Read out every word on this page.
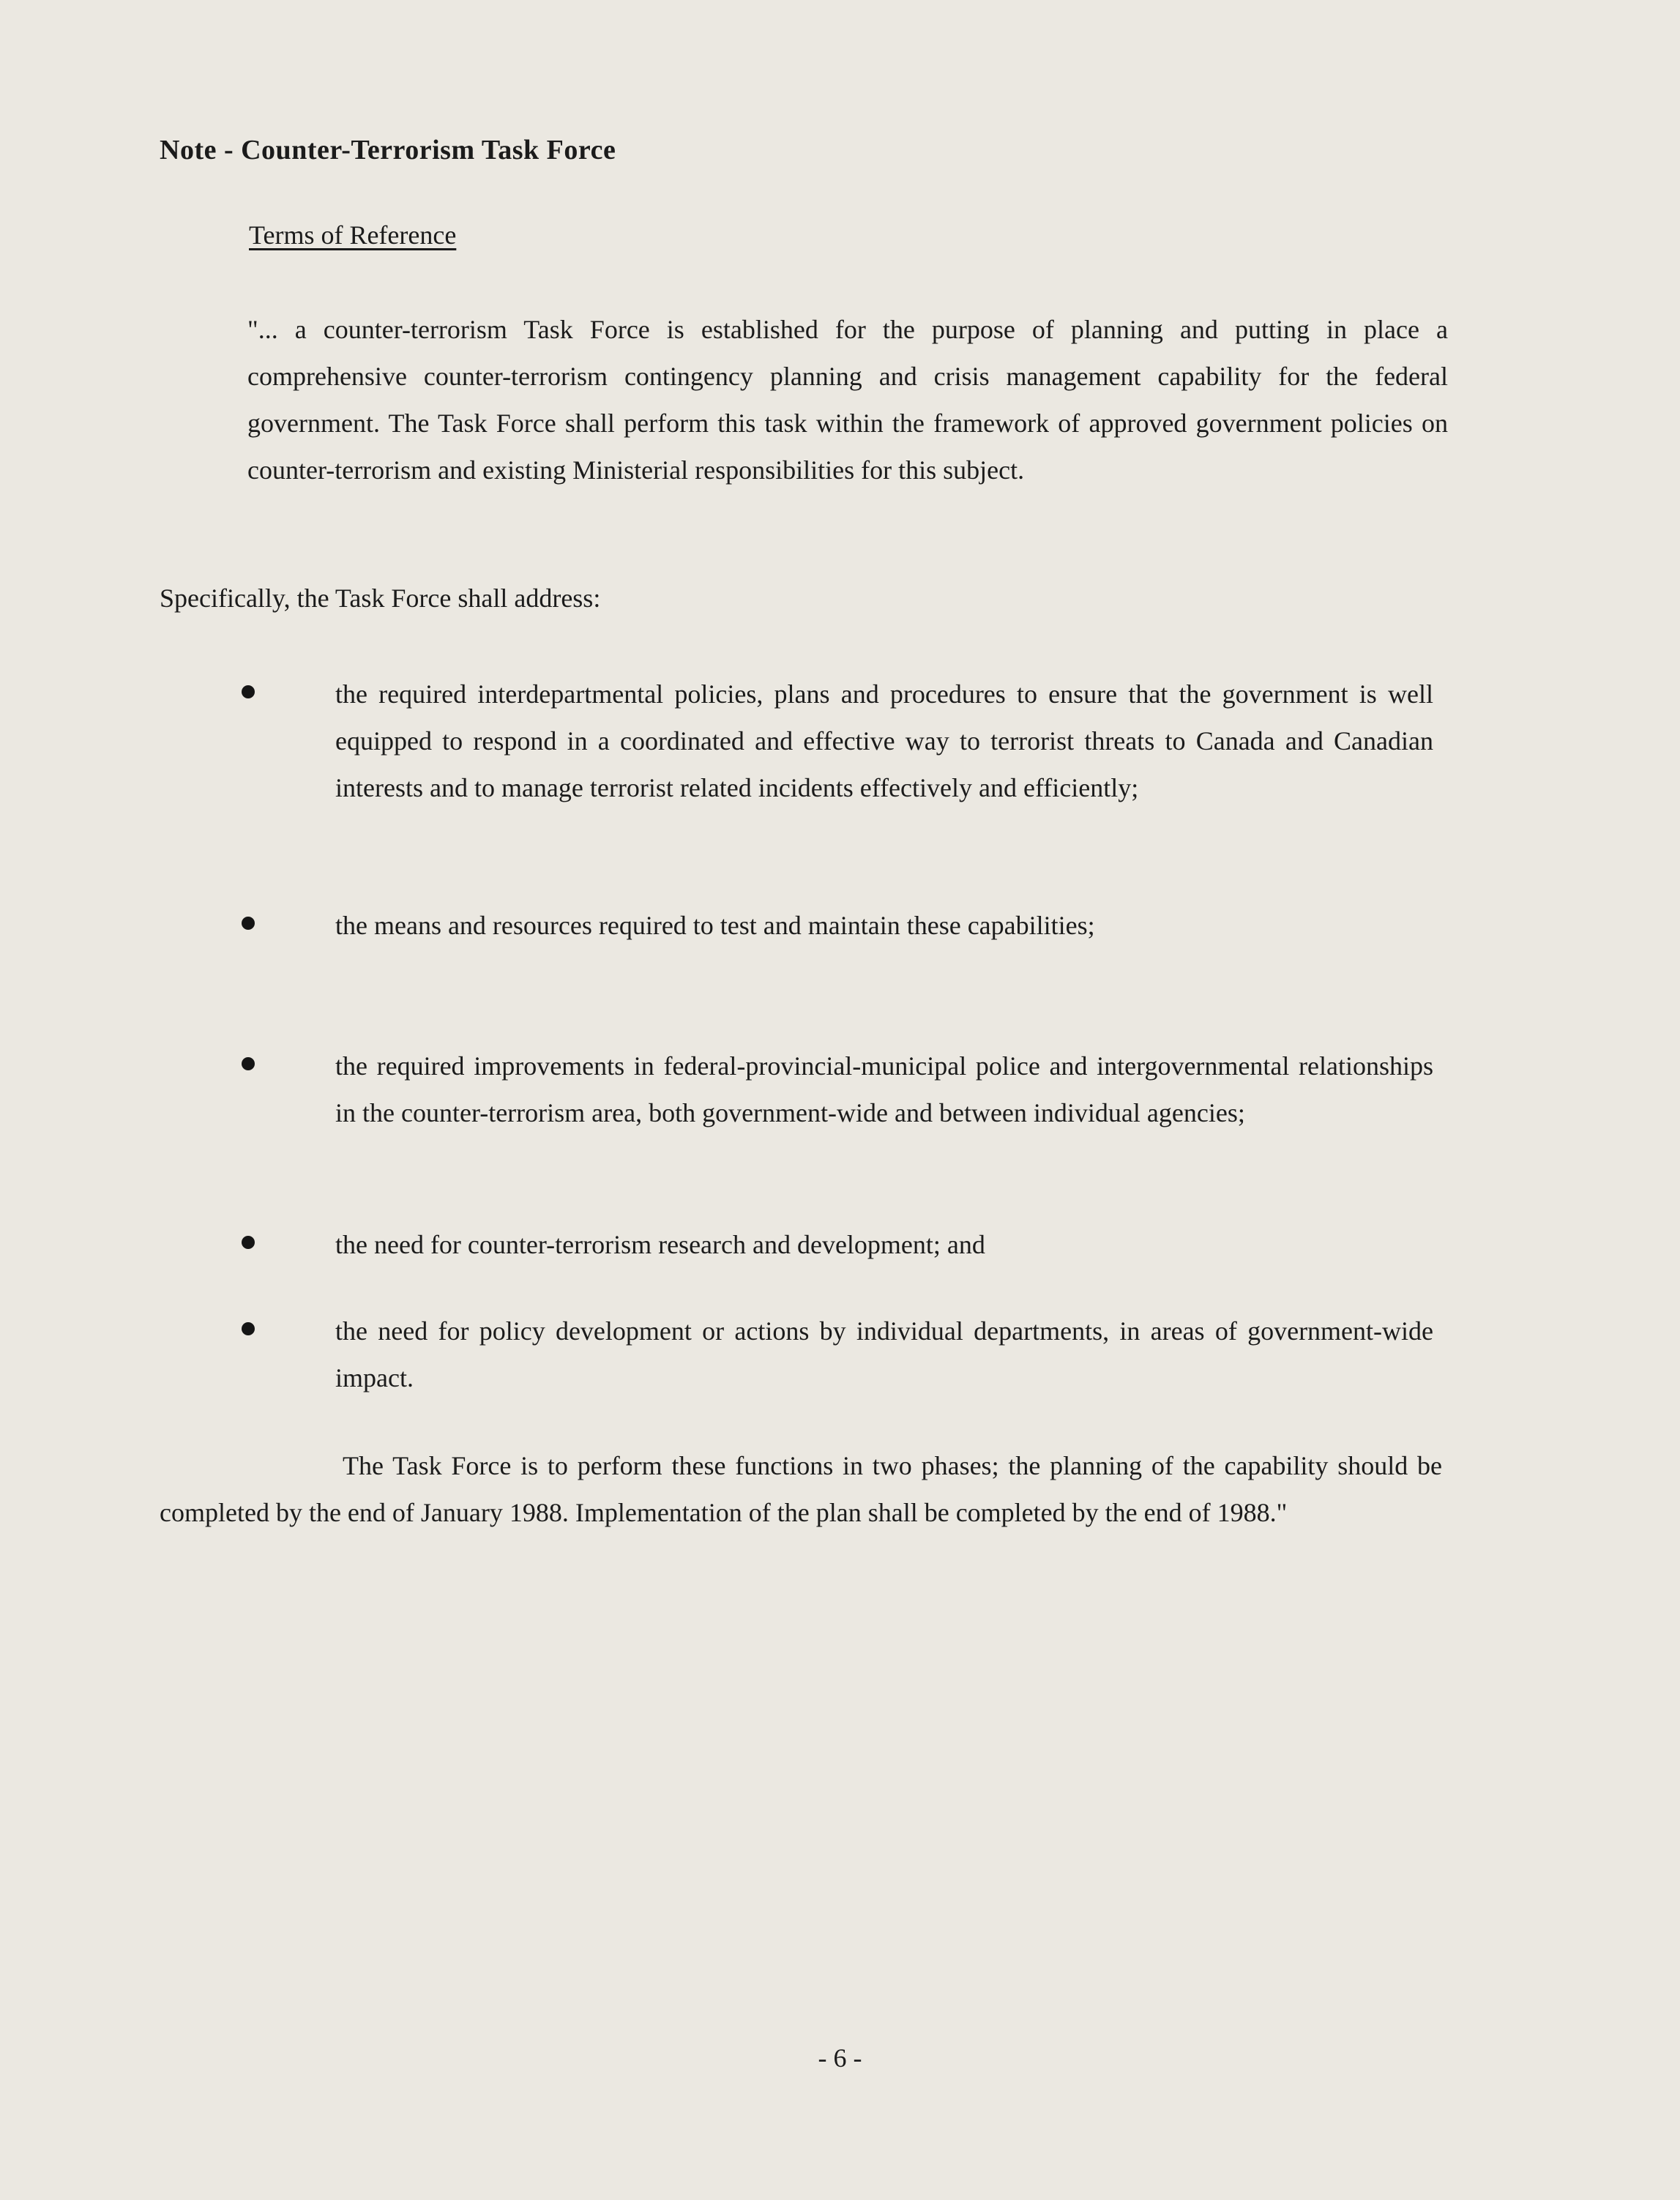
Note - Counter-Terrorism Task Force
Terms of Reference
"... a counter-terrorism Task Force is established for the purpose of planning and putting in place a comprehensive counter-terrorism contingency planning and crisis management capability for the federal government. The Task Force shall perform this task within the framework of approved government policies on counter-terrorism and existing Ministerial responsibilities for this subject.
Specifically, the Task Force shall address:
the required interdepartmental policies, plans and procedures to ensure that the government is well equipped to respond in a coordinated and effective way to terrorist threats to Canada and Canadian interests and to manage terrorist related incidents effectively and efficiently;
the means and resources required to test and maintain these capabilities;
the required improvements in federal-provincial-municipal police and intergovernmental relationships in the counter-terrorism area, both government-wide and between individual agencies;
the need for counter-terrorism research and development; and
the need for policy development or actions by individual departments, in areas of government-wide impact.
The Task Force is to perform these functions in two phases; the planning of the capability should be completed by the end of January 1988. Implementation of the plan shall be completed by the end of 1988."
- 6 -
